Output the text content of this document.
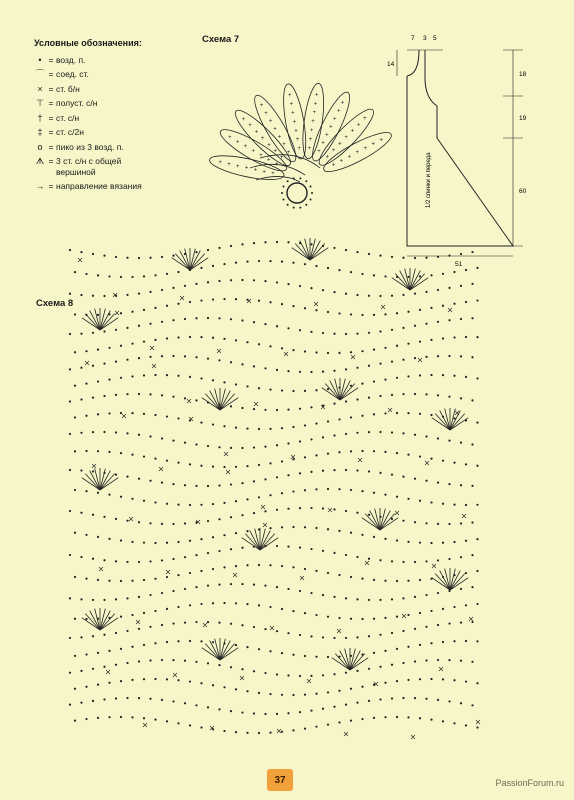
Условные обозначения:
• = возд. п.
⌒ = соед. ст.
× = ст. б/н
⊤ = полуст. с/н
† = ст. с/н
‡ = ст. с/2н
o = пико из 3 возд. п.
ᗑ = 3 ст. с/н с общей вершиной
→ = направление вязания
Схема 7
Схема 8
+
+
+
+
+
+
+
+
+
+
+
+
+
+
+
+
+
+
+
+
+
+
+
+
+
+
+
+
+
+
+
+
+
+
+
+
+
+
+
+
+
+
+
+
+
+
+
+
+
+
+
+
+
+
+
+
+
+
+
+
+
+
+
7 3 5
14
18
19
60
51
1/2 спинки и переда
37	PassionForum.ru
